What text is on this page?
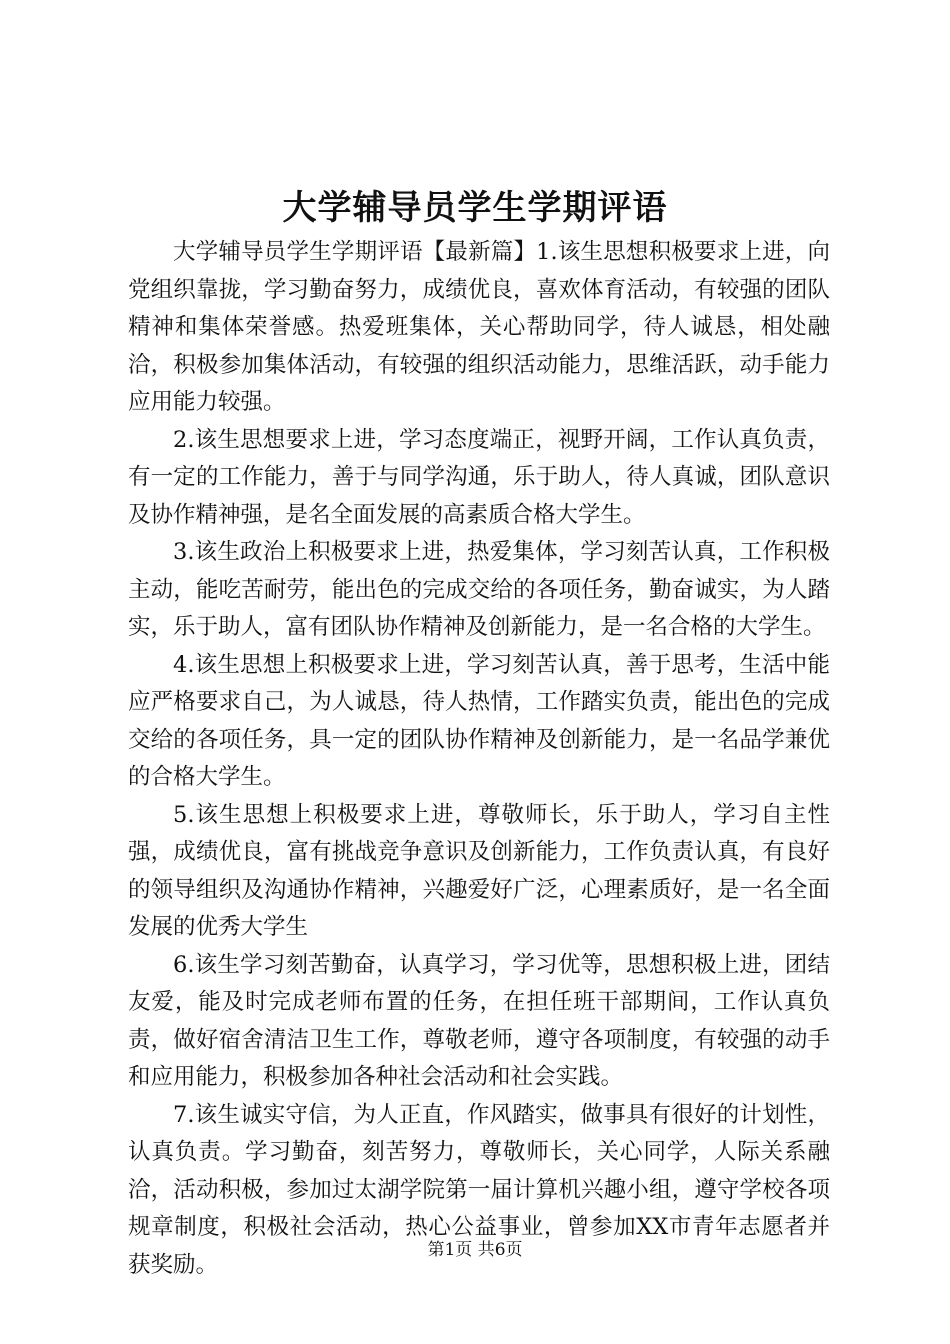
大学辅导员学生学期评语

大学辅导员学生学期评语【最新篇】1.该生思想积极要求上进，向党组织靠拢，学习勤奋努力，成绩优良，喜欢体育活动，有较强的团队精神和集体荣誉感。热爱班集体，关心帮助同学，待人诚恳，相处融洽，积极参加集体活动，有较强的组织活动能力，思维活跃，动手能力应用能力较强。

2.该生思想要求上进，学习态度端正，视野开阔，工作认真负责，有一定的工作能力，善于与同学沟通，乐于助人，待人真诚，团队意识及协作精神强，是名全面发展的高素质合格大学生。

3.该生政治上积极要求上进，热爱集体，学习刻苦认真，工作积极主动，能吃苦耐劳，能出色的完成交给的各项任务，勤奋诚实，为人踏实，乐于助人，富有团队协作精神及创新能力，是一名合格的大学生。

4.该生思想上积极要求上进，学习刻苦认真，善于思考，生活中能应严格要求自己，为人诚恳，待人热情，工作踏实负责，能出色的完成交给的各项任务，具一定的团队协作精神及创新能力，是一名品学兼优的合格大学生。

5.该生思想上积极要求上进，尊敬师长，乐于助人，学习自主性强，成绩优良，富有挑战竞争意识及创新能力，工作负责认真，有良好的领导组织及沟通协作精神，兴趣爱好广泛，心理素质好，是一名全面发展的优秀大学生

6.该生学习刻苦勤奋，认真学习，学习优等，思想积极上进，团结友爱，能及时完成老师布置的任务，在担任班干部期间，工作认真负责，做好宿舍清洁卫生工作，尊敬老师，遵守各项制度，有较强的动手和应用能力，积极参加各种社会活动和社会实践。

7.该生诚实守信，为人正直，作风踏实，做事具有很好的计划性，认真负责。学习勤奋，刻苦努力，尊敬师长，关心同学，人际关系融洽，活动积极，参加过太湖学院第一届计算机兴趣小组，遵守学校各项规章制度，积极社会活动，热心公益事业，曾参加XX市青年志愿者并获奖励。

第1页 共6页
